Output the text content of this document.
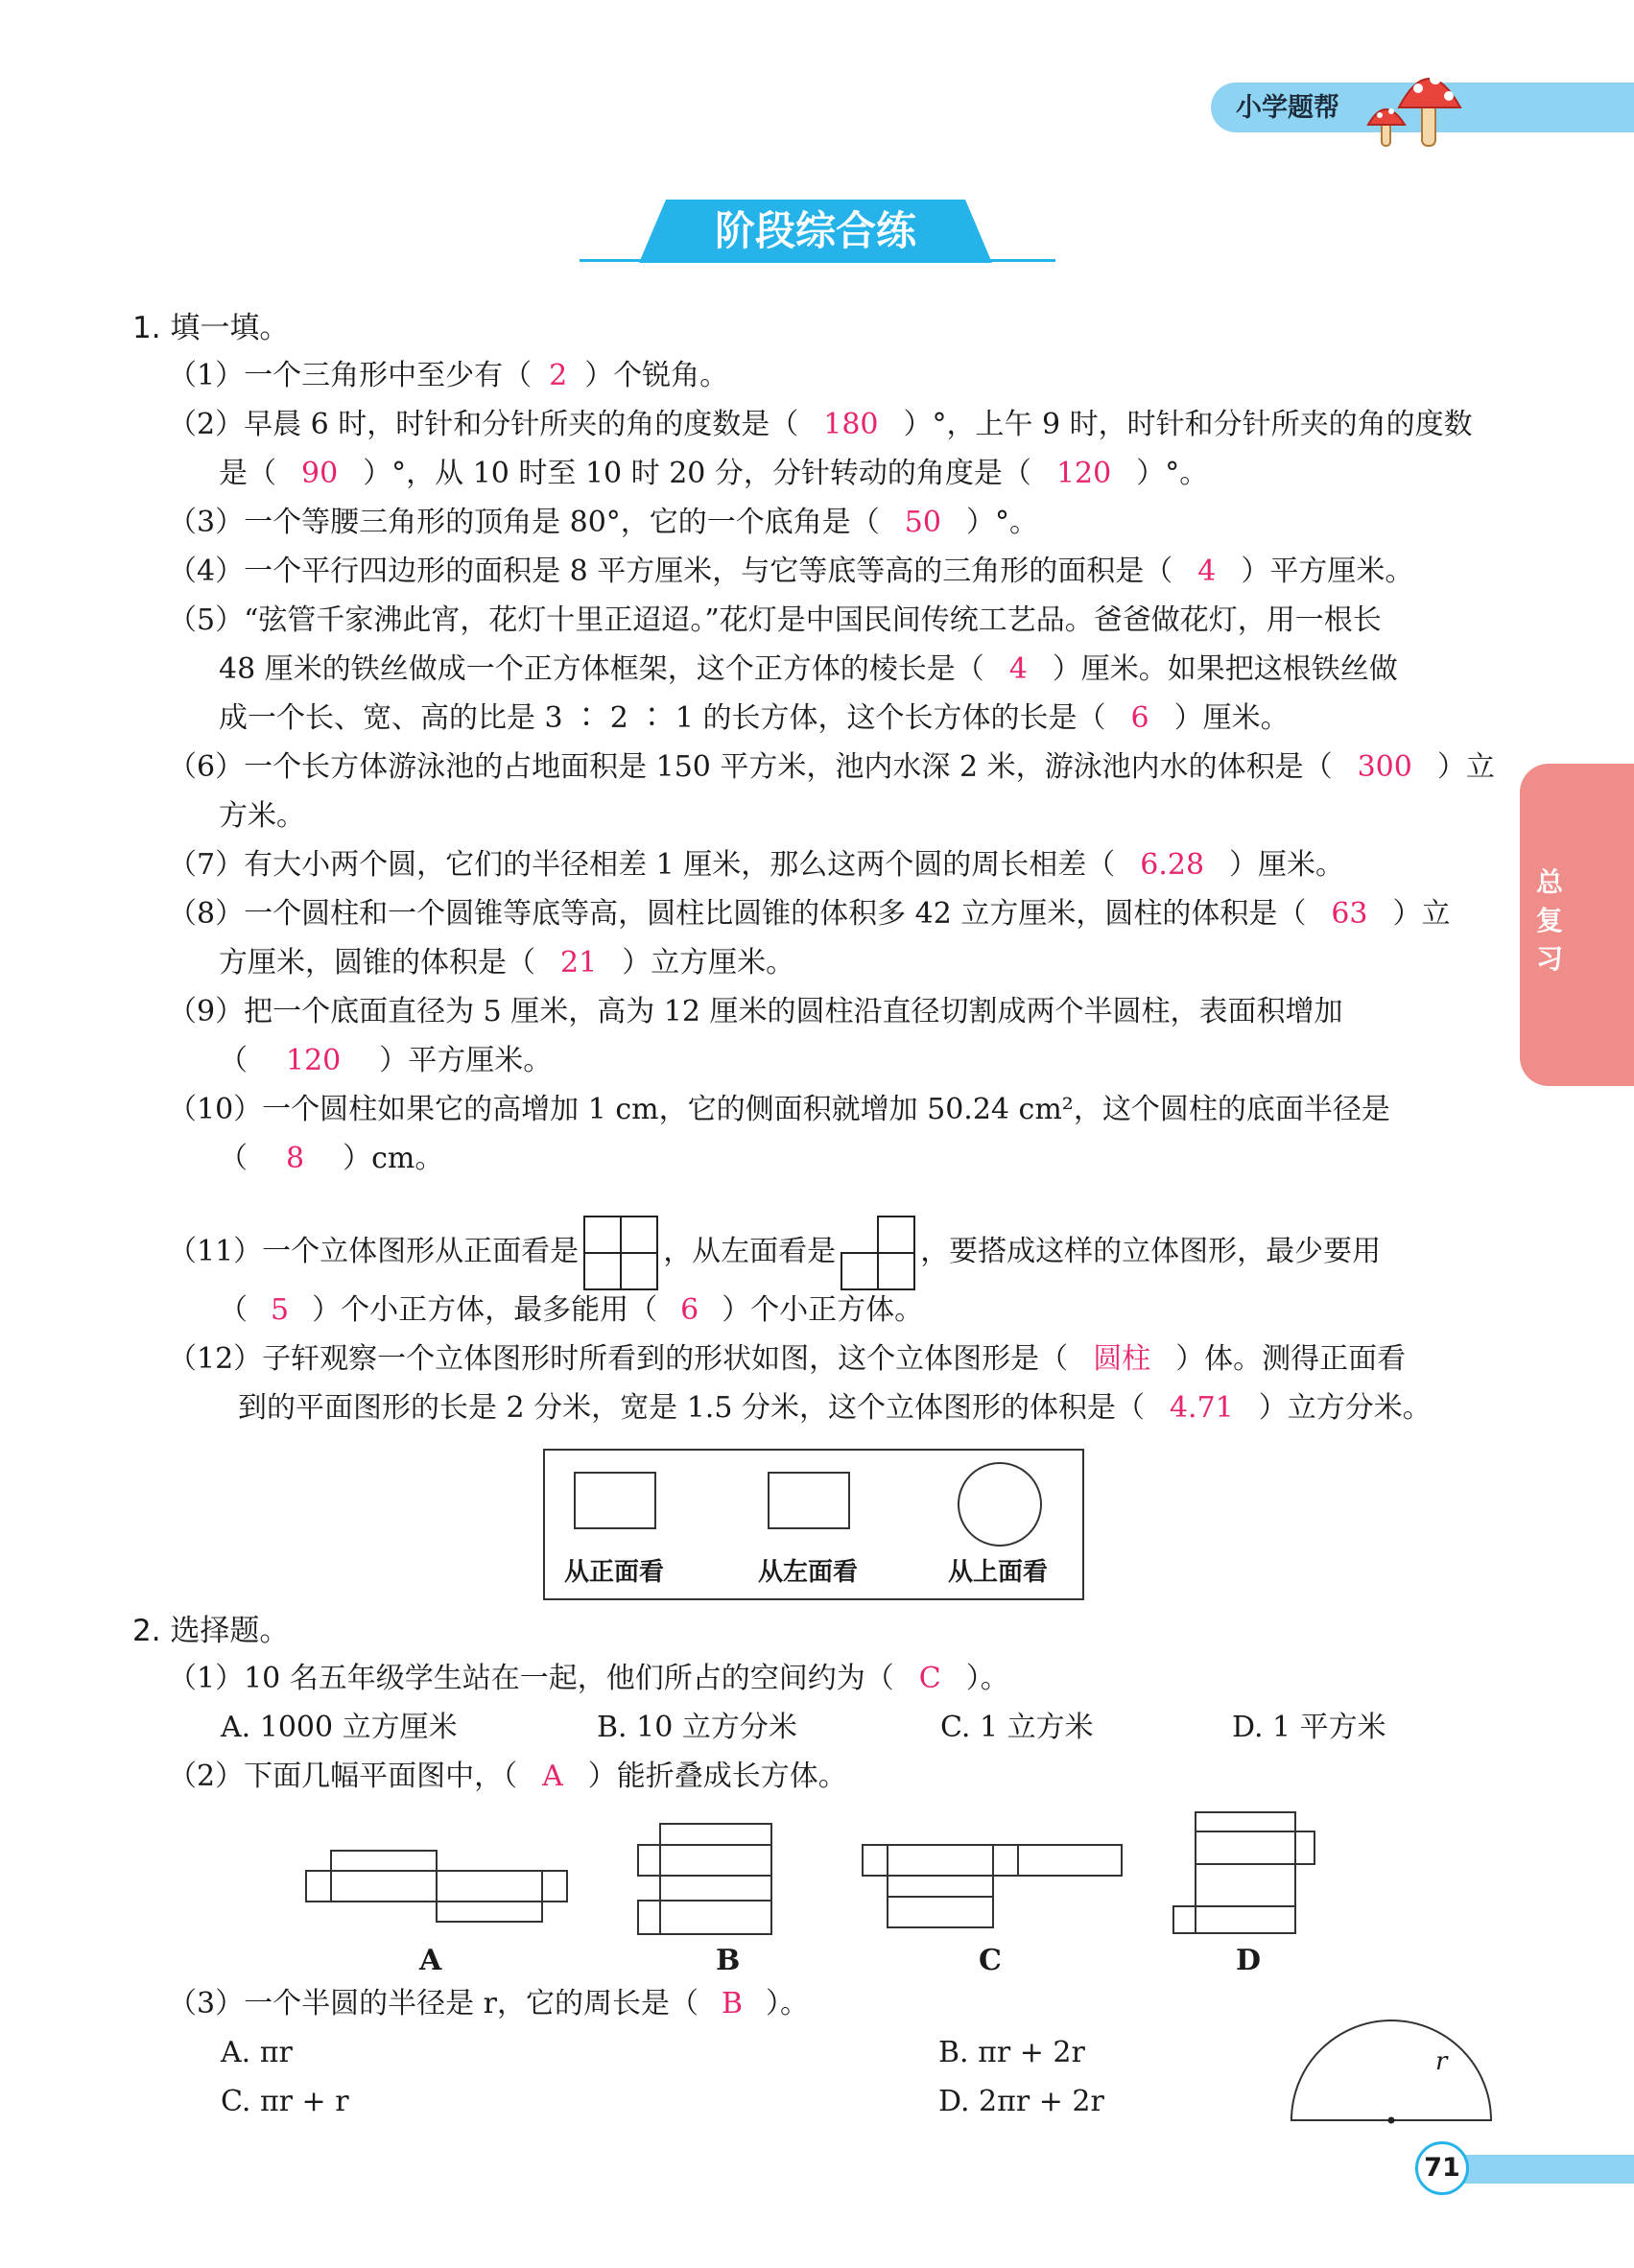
小学题帮
阶段综合练
总复习
1. 填一填。
（1）一个三角形中至少有（ 2 ）个锐角。
（2）早晨 6 时，时针和分针所夹的角的度数是（ 180 ）°，上午 9 时，时针和分针所夹的角的度数
是（ 90 ）°，从 10 时至 10 时 20 分，分针转动的角度是（ 120 ）°。
（3）一个等腰三角形的顶角是 80°，它的一个底角是（ 50 ）°。
（4）一个平行四边形的面积是 8 平方厘米，与它等底等高的三角形的面积是（ 4 ）平方厘米。
（5）“弦管千家沸此宵，花灯十里正迢迢。”花灯是中国民间传统工艺品。爸爸做花灯，用一根长
48 厘米的铁丝做成一个正方体框架，这个正方体的棱长是（ 4 ）厘米。如果把这根铁丝做
成一个长、宽、高的比是 3 ∶ 2 ∶ 1 的长方体，这个长方体的长是（ 6 ）厘米。
（6）一个长方体游泳池的占地面积是 150 平方米，池内水深 2 米，游泳池内水的体积是（ 300 ）立
方米。
（7）有大小两个圆，它们的半径相差 1 厘米，那么这两个圆的周长相差（ 6.28 ）厘米。
（8）一个圆柱和一个圆锥等底等高，圆柱比圆锥的体积多 42 立方厘米，圆柱的体积是（ 63 ）立
方厘米，圆锥的体积是（ 21 ）立方厘米。
（9）把一个底面直径为 5 厘米，高为 12 厘米的圆柱沿直径切割成两个半圆柱，表面积增加
（ 120 ）平方厘米。
（10）一个圆柱如果它的高增加 1 cm，它的侧面积就增加 50.24 cm²，这个圆柱的底面半径是
（ 8 ）cm。
（11）一个立体图形从正面看是	，从左面看是	，要搭成这样的立体图形，最少要用
（ 5 ）个小正方体，最多能用（ 6 ）个小正方体。
（12）子轩观察一个立体图形时所看到的形状如图，这个立体图形是（ 圆柱 ）体。测得正面看
到的平面图形的长是 2 分米，宽是 1.5 分米，这个立体图形的体积是（ 4.71 ）立方分米。
从正面看	从左面看	从上面看
2. 选择题。
（1）10 名五年级学生站在一起，他们所占的空间约为（ C ）。
A. 1000 立方厘米	B. 10 立方分米	C. 1 立方米	D. 1 平方米
（2）下面几幅平面图中，（ A ）能折叠成长方体。
A	B	C	D
（3）一个半圆的半径是 r，它的周长是（ B ）。
A. πr	B. πr + 2r
C. πr + r	D. 2πr + 2r
r
71
